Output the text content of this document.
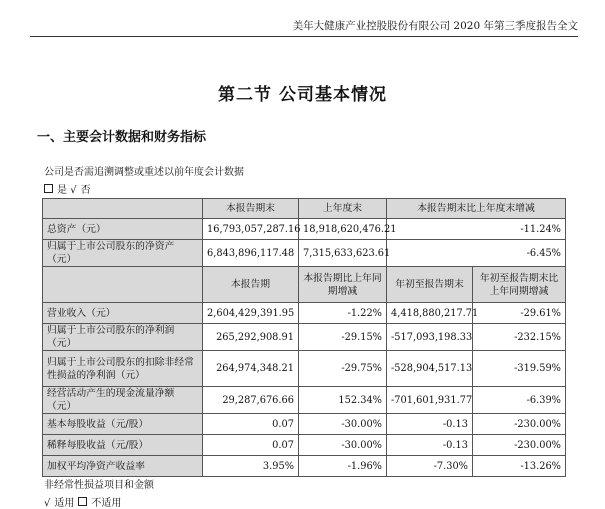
美年大健康产业控股股份有限公司 2020 年第三季度报告全文
第二节 公司基本情况
一、主要会计数据和财务指标
公司是否需追溯调整或重述以前年度会计数据
是 √ 否
	本报告期末	上年度末	本报告期末比上年度末增减	
总资产（元）	16,793,057,287.16	18,918,620,476.21	-11.24%	
归属于上市公司股东的净资产（元）	6,843,896,117.48	7,315,633,623.61	-6.45%	
	本报告期	本报告期比上年同期增减	年初至报告期末	年初至报告期末比上年同期增减
营业收入（元）	2,604,429,391.95	-1.22%	4,418,880,217.71	-29.61%
归属于上市公司股东的净利润（元）	265,292,908.91	-29.15%	-517,093,198.33	-232.15%
归属于上市公司股东的扣除非经常性损益的净利润（元）	264,974,348.21	-29.75%	-528,904,517.13	-319.59%
经营活动产生的现金流量净额（元）	29,287,676.66	152.34%	-701,601,931.77	-6.39%
基本每股收益（元/股）	0.07	-30.00%	-0.13	-230.00%
稀释每股收益（元/股）	0.07	-30.00%	-0.13	-230.00%
加权平均净资产收益率	3.95%	-1.96%	-7.30%	-13.26%
非经常性损益项目和金额
√ 适用 不适用
